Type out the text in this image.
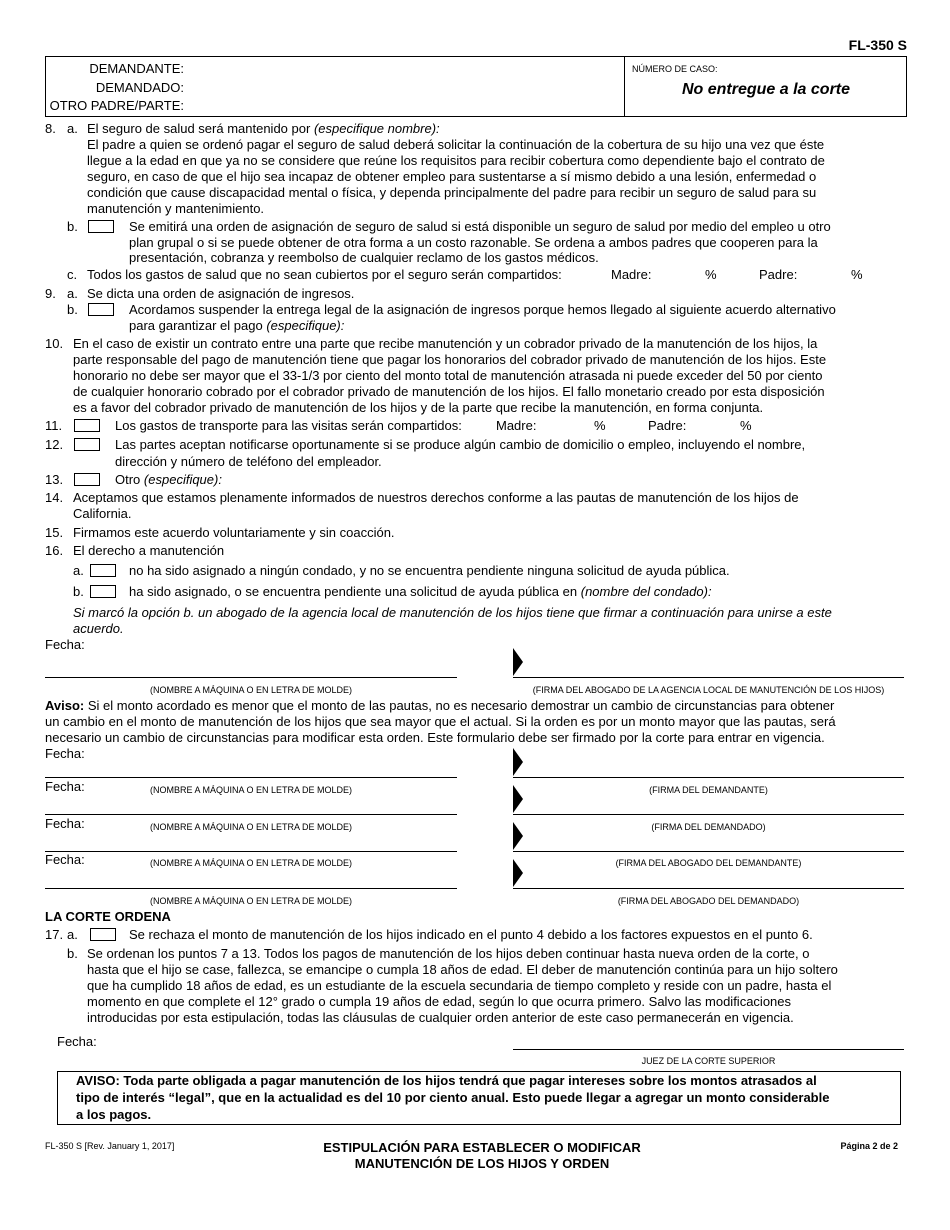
FL-350 S
DEMANDANTE:
DEMANDADO:
OTRO PADRE/PARTE:
NÚMERO DE CASO:
No entregue a la corte
8. a. El seguro de salud será mantenido por (especifique nombre):
El padre a quien se ordenó pagar el seguro de salud deberá solicitar la continuación de la cobertura de su hijo una vez que éste
llegue a la edad en que ya no se considere que reúne los requisitos para recibir cobertura como dependiente bajo el contrato de
seguro, en caso de que el hijo sea incapaz de obtener empleo para sustentarse a sí mismo debido a una lesión, enfermedad o
condición que cause discapacidad mental o física, y dependa principalmente del padre para recibir un seguro de salud para su
manutención y mantenimiento.
b.	Se emitirá una orden de asignación de seguro de salud si está disponible un seguro de salud por medio del empleo u otro
plan grupal o si se puede obtener de otra forma a un costo razonable. Se ordena a ambos padres que cooperen para la
presentación, cobranza y reembolso de cualquier reclamo de los gastos médicos.
c. Todos los gastos de salud que no sean cubiertos por el seguro serán compartidos:	Madre:	%	Padre:	%
9. a. Se dicta una orden de asignación de ingresos.
b.	Acordamos suspender la entrega legal de la asignación de ingresos porque hemos llegado al siguiente acuerdo alternativo
para garantizar el pago (especifique):
10. En el caso de existir un contrato entre una parte que recibe manutención y un cobrador privado de la manutención de los hijos, la
parte responsable del pago de manutención tiene que pagar los honorarios del cobrador privado de manutención de los hijos. Este
honorario no debe ser mayor que el 33-1/3 por ciento del monto total de manutención atrasada ni puede exceder del 50 por ciento
de cualquier honorario cobrado por el cobrador privado de manutención de los hijos. El fallo monetario creado por esta disposición
es a favor del cobrador privado de manutención de los hijos y de la parte que recibe la manutención, en forma conjunta.
11.	Los gastos de transporte para las visitas serán compartidos:	Madre:	%	Padre:	%
12.	Las partes aceptan notificarse oportunamente si se produce algún cambio de domicilio o empleo, incluyendo el nombre,
dirección y número de teléfono del empleador.
13.	Otro (especifique):
14. Aceptamos que estamos plenamente informados de nuestros derechos conforme a las pautas de manutención de los hijos de
California.
15. Firmamos este acuerdo voluntariamente y sin coacción.
16. El derecho a manutención
a.	no ha sido asignado a ningún condado, y no se encuentra pendiente ninguna solicitud de ayuda pública.
b.	ha sido asignado, o se encuentra pendiente una solicitud de ayuda pública en (nombre del condado):
Si marcó la opción b. un abogado de la agencia local de manutención de los hijos tiene que firmar a continuación para unirse a este
acuerdo.
Fecha:
(NOMBRE A MÁQUINA O EN LETRA DE MOLDE)	(FIRMA DEL ABOGADO DE LA AGENCIA LOCAL DE MANUTENCIÓN DE LOS HIJOS)
Aviso: Si el monto acordado es menor que el monto de las pautas, no es necesario demostrar un cambio de circunstancias para obtener
un cambio en el monto de manutención de los hijos que sea mayor que el actual. Si la orden es por un monto mayor que las pautas, será
necesario un cambio de circunstancias para modificar esta orden. Este formulario debe ser firmado por la corte para entrar en vigencia.
Fecha:
Fecha:	(NOMBRE A MÁQUINA O EN LETRA DE MOLDE)	(FIRMA DEL DEMANDANTE)
Fecha:	(NOMBRE A MÁQUINA O EN LETRA DE MOLDE)	(FIRMA DEL DEMANDADO)
Fecha:	(NOMBRE A MÁQUINA O EN LETRA DE MOLDE)	(FIRMA DEL ABOGADO DEL DEMANDANTE)
(NOMBRE A MÁQUINA O EN LETRA DE MOLDE)	(FIRMA DEL ABOGADO DEL DEMANDADO)
LA CORTE ORDENA
17. a.	Se rechaza el monto de manutención de los hijos indicado en el punto 4 debido a los factores expuestos en el punto 6.
b. Se ordenan los puntos 7 a 13. Todos los pagos de manutención de los hijos deben continuar hasta nueva orden de la corte, o
hasta que el hijo se case, fallezca, se emancipe o cumpla 18 años de edad. El deber de manutención continúa para un hijo soltero
que ha cumplido 18 años de edad, es un estudiante de la escuela secundaria de tiempo completo y reside con un padre, hasta el
momento en que complete el 12° grado o cumpla 19 años de edad, según lo que ocurra primero. Salvo las modificaciones
introducidas por esta estipulación, todas las cláusulas de cualquier orden anterior de este caso permanecerán en vigencia.
Fecha:
JUEZ DE LA CORTE SUPERIOR
AVISO: Toda parte obligada a pagar manutención de los hijos tendrá que pagar intereses sobre los montos atrasados al
tipo de interés “legal”, que en la actualidad es del 10 por ciento anual. Esto puede llegar a agregar un monto considerable
a los pagos.
FL-350 S [Rev. January 1, 2017]	ESTIPULACIÓN PARA ESTABLECER O MODIFICAR
MANUTENCIÓN DE LOS HIJOS Y ORDEN
Página 2 de 2
